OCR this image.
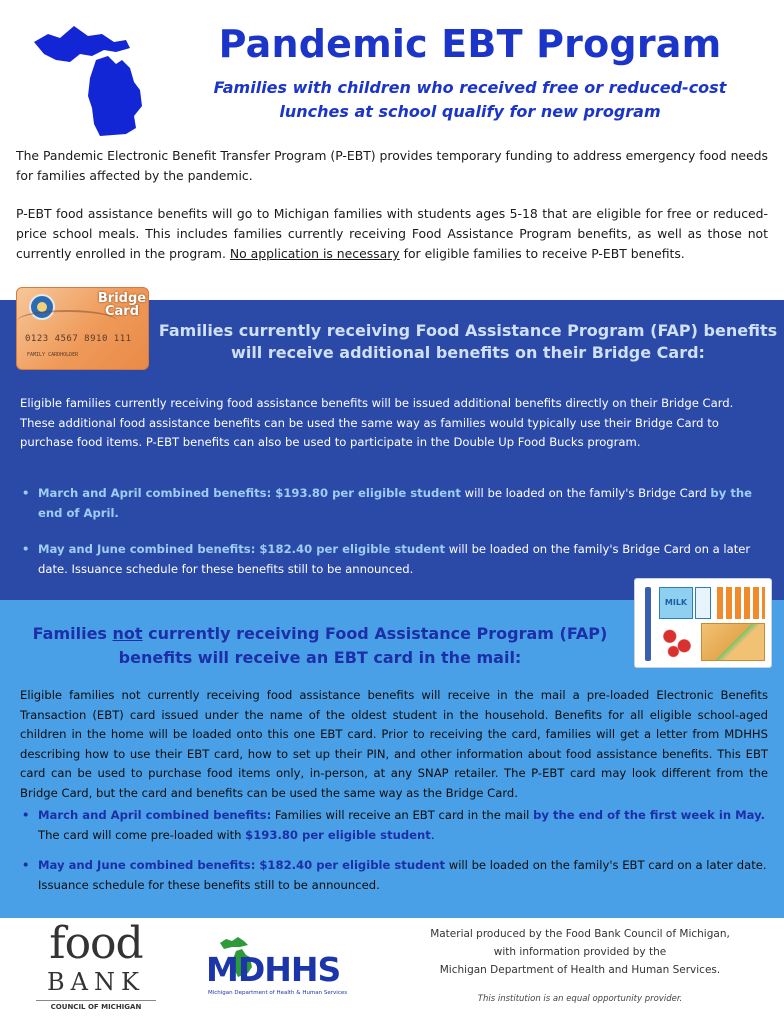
Pandemic EBT Program
Families with children who received free or reduced-cost
lunches at school qualify for new program

The Pandemic Electronic Benefit Transfer Program (P-EBT) provides temporary funding to address emergency food needs for families affected by the pandemic.

P-EBT food assistance benefits will go to Michigan families with students ages 5-18 that are eligible for free or reduced-price school meals. This includes families currently receiving Food Assistance Program benefits, as well as those not currently enrolled in the program. No application is necessary for eligible families to receive P-EBT benefits.

Bridge Card
0123 4567 8910 111
FAMILY CARDHOLDER
Families currently receiving Food Assistance Program (FAP) benefits will receive additional benefits on their Bridge Card:

Eligible families currently receiving food assistance benefits will be issued additional benefits directly on their Bridge Card. These additional food assistance benefits can be used the same way as families would typically use their Bridge Card to purchase food items. P-EBT benefits can also be used to participate in the Double Up Food Bucks program.

• March and April combined benefits: $193.80 per eligible student will be loaded on the family's Bridge Card by the end of April.
• May and June combined benefits: $182.40 per eligible student will be loaded on the family's Bridge Card on a later date. Issuance schedule for these benefits still to be announced.
MILK
Families not currently receiving Food Assistance Program (FAP) benefits will receive an EBT card in the mail:

Eligible families not currently receiving food assistance benefits will receive in the mail a pre-loaded Electronic Benefits Transaction (EBT) card issued under the name of the oldest student in the household. Benefits for all eligible school-aged children in the home will be loaded onto this one EBT card. Prior to receiving the card, families will get a letter from MDHHS describing how to use their EBT card, how to set up their PIN, and other information about food assistance benefits. This EBT card can be used to purchase food items only, in-person, at any SNAP retailer. The P-EBT card may look different from the Bridge Card, but the card and benefits can be used the same way as the Bridge Card.

• March and April combined benefits: Families will receive an EBT card in the mail by the end of the first week in May. The card will come pre-loaded with $193.80 per eligible student.
• May and June combined benefits: $182.40 per eligible student will be loaded on the family's EBT card on a later date. Issuance schedule for these benefits still to be announced.
food
BANK
COUNCIL OF MICHIGAN
MDHHS
Michigan Department of Health & Human Services
Material produced by the Food Bank Council of Michigan,
with information provided by the
Michigan Department of Health and Human Services.
This institution is an equal opportunity provider.
